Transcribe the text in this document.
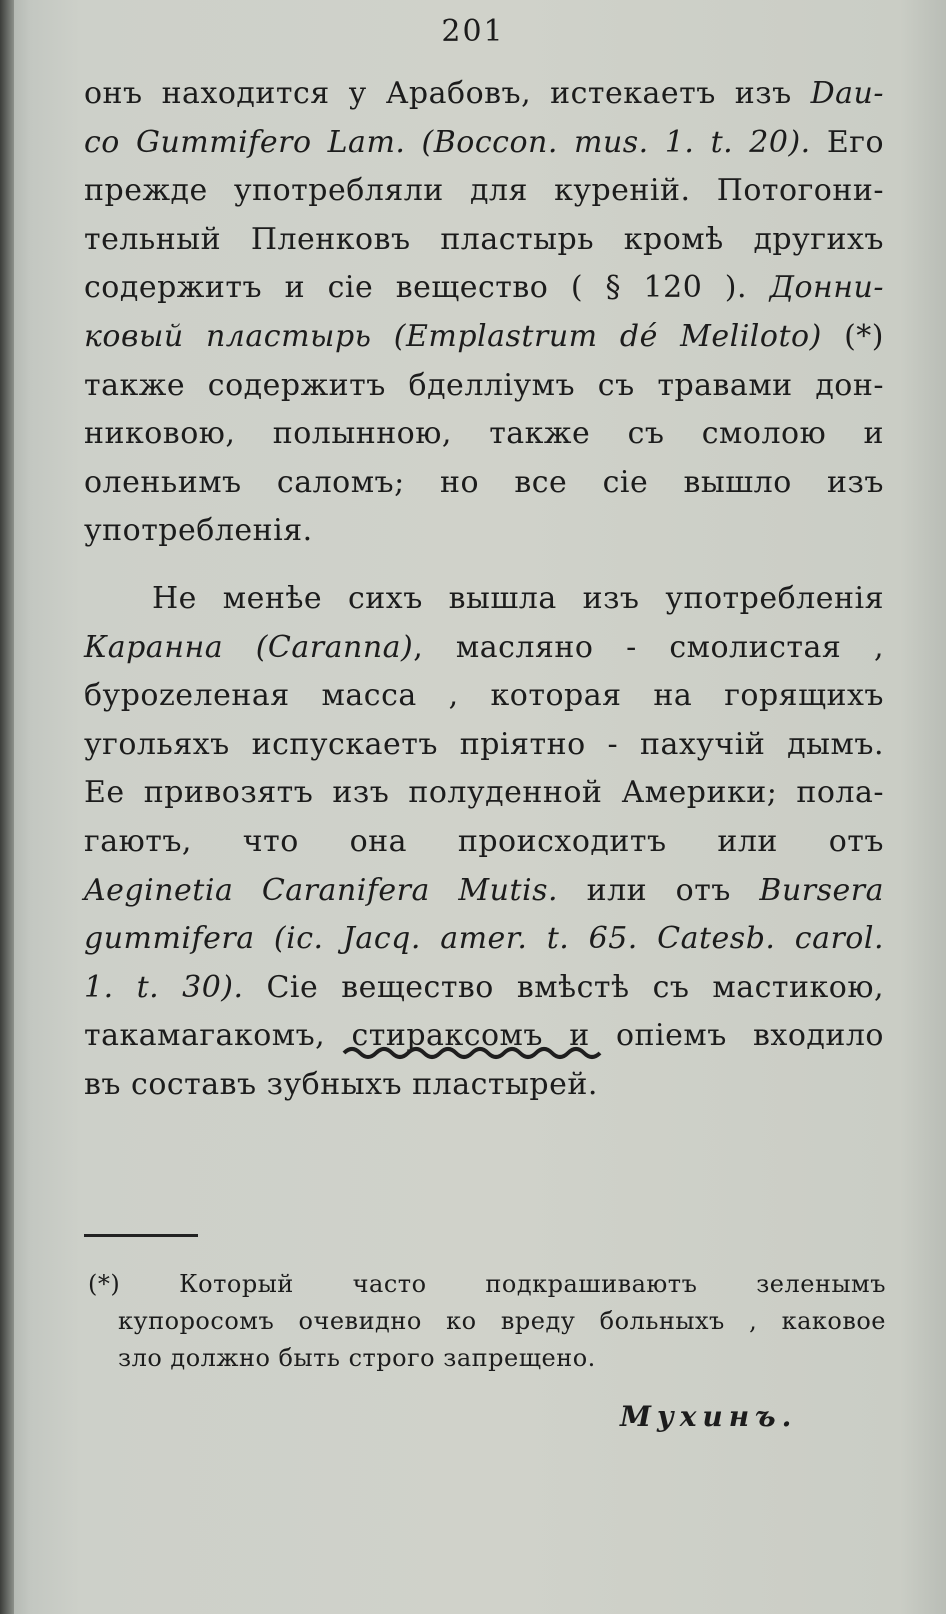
201

онъ находится у Арабовъ, истекаетъ изъ Dau-

co Gummifero Lam. (Boccon. mus. 1. t. 20). Его

прежде употребляли для куреній. Потогони-

тельный Пленковъ пластырь кромѣ другихъ

содержитъ и сіе вещество ( § 120 ). Донни-

ковый пластырь (Emplastrum dé Meliloto) (*)

также содержитъ бделліумъ съ травами дон-

никовою, полынною, также съ смолою и

оленьимъ саломъ; но все сіе вышло изъ

употребленія.

Не менѣе сихъ вышла изъ употребленія

Каранна (Caranna), масляно - смолистая ,

буроzеленая масса , которая на горящихъ

угольяхъ испускаетъ пріятно - пахучій дымъ.

Ее привозятъ изъ полуденной Америки; пола-

гаютъ, что она происходитъ или отъ

Aeginetia Caranifera Mutis. или отъ Bursera

gummifera (ic. Jacq. amer. t. 65. Catesb. carol.

1. t. 30). Сіе вещество вмѣстѣ съ мастикою,

такамагакомъ, стираксомъ и опіемъ входило

въ составъ зубныхъ пластырей.

(*) Который часто подкрашиваютъ зеленымъ

купоросомъ очевидно ко вреду больныхъ , каковое

зло должно быть строго запрещено.

Мухинъ.
